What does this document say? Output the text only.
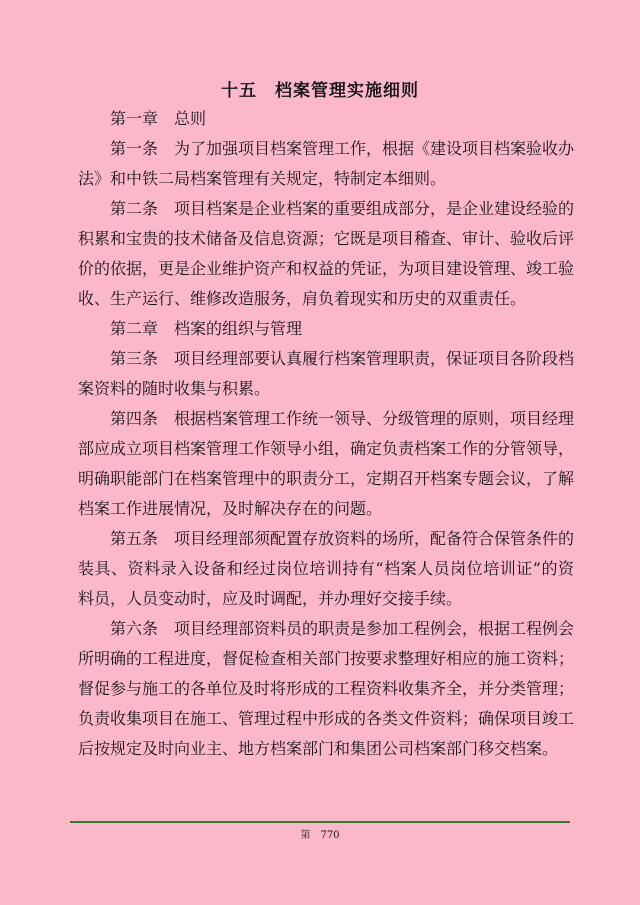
十五　档案管理实施细则

第一章　总则

第一条　为了加强项目档案管理工作，根据《建设项目档案验收办法》和中铁二局档案管理有关规定，特制定本细则。

第二条　项目档案是企业档案的重要组成部分，是企业建设经验的积累和宝贵的技术储备及信息资源；它既是项目稽查、审计、验收后评价的依据，更是企业维护资产和权益的凭证，为项目建设管理、竣工验收、生产运行、维修改造服务，肩负着现实和历史的双重责任。

第二章　档案的组织与管理

第三条　项目经理部要认真履行档案管理职责，保证项目各阶段档案资料的随时收集与积累。

第四条　根据档案管理工作统一领导、分级管理的原则，项目经理部应成立项目档案管理工作领导小组，确定负责档案工作的分管领导，明确职能部门在档案管理中的职责分工，定期召开档案专题会议，了解档案工作进展情况，及时解决存在的问题。

第五条　项目经理部须配置存放资料的场所，配备符合保管条件的装具、资料录入设备和经过岗位培训持有“档案人员岗位培训证”的资料员，人员变动时，应及时调配，并办理好交接手续。

第六条　项目经理部资料员的职责是参加工程例会，根据工程例会所明确的工程进度，督促检查相关部门按要求整理好相应的施工资料；督促参与施工的各单位及时将形成的工程资料收集齐全，并分类管理；负责收集项目在施工、管理过程中形成的各类文件资料；确保项目竣工后按规定及时向业主、地方档案部门和集团公司档案部门移交档案。

第　770
